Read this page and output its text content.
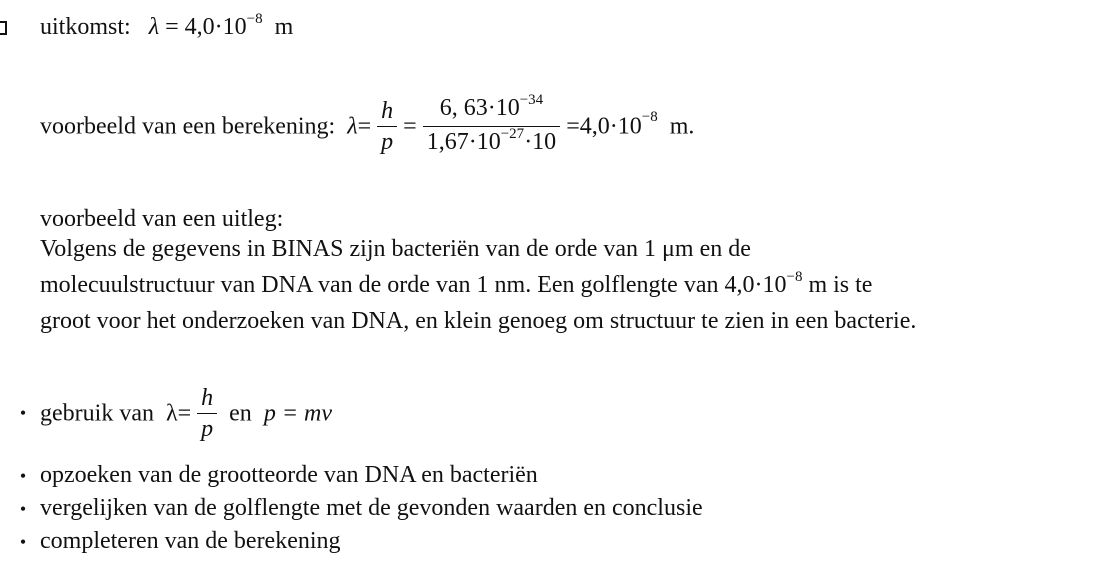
uitkomst: $\lambda = 4,0\cdot 10^{-8}$ m
voorbeeld van een berekening: $\lambda= \frac{h}{p} = \frac{6, 63\cdot 10^{-34}}{1,67\cdot 10^{-27}\cdot 10} =4,0\cdot 10^{-8}$ m.
voorbeeld van een uitleg:
Volgens de gegevens in BINAS zijn bacteriën van de orde van 1 μm en de
molecuulstructuur van DNA van de orde van 1 nm. Een golflengte van $4,0\cdot 10^{-8}$ m is te
groot voor het onderzoeken van DNA, en klein genoeg om structuur te zien in een bacterie.
• gebruik van $\lambda= \frac{h}{p}$ en p = mv
• opzoeken van de grootteorde van DNA en bacteriën
• vergelijken van de golflengte met de gevonden waarden en conclusie
• completeren van de berekening
